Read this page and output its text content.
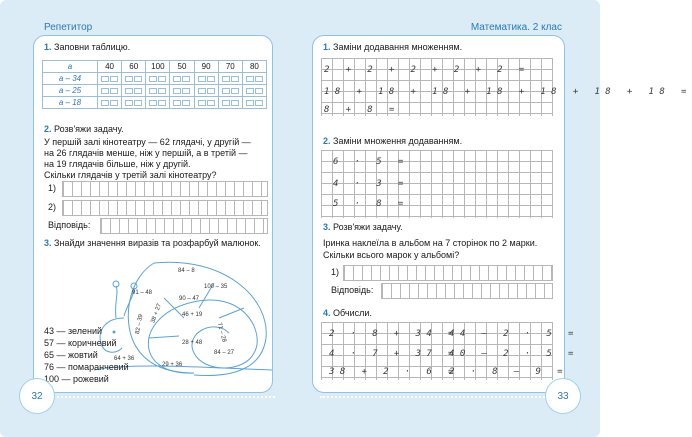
Репетитор	Математика. 2 клас
1. Заповни таблицю.
a	40	60	100	50	90	70	80
a – 34							
a – 25							
a – 18							
2. Розв'яжи задачу.
У першій залі кінотеатру — 62 глядачі, у другій —
на 26 глядачів менше, ніж у першій, а в третій —
на 19 глядачів більше, ніж у другій.
Скільки глядачів у третій залі кінотеатру?
1)
2)
Відповідь:
3. Знайди значення виразів та розфарбуй малюнок.
84 – 8
91 – 48
100 – 35
90 – 47
46 + 19
38 + 27
82 – 39
28 + 48 71 – 28
64 + 36
84 – 27
29 + 36
43 — зелений
57 — коричневий
65 — жовтий
76 — помаранчевий
100 — рожевий
1. Заміни додавання множенням.
2 + 2 + 2 + 2 + 2 =
18 + 18 + 18 + 18 + 18 + 18 + 18 =
8 + 8 =
2. Заміни множення додаванням.
6 · 5 =
4 · 3 =
5 · 8 =
3. Розв'яжи задачу.
Іринка наклеїла в альбом на 7 сторінок по 2 марки.
Скільки всього марок у альбомі?
1)
Відповідь:
4. Обчисли.
2 · 8 + 34 =
4 · 7 + 37 =
38 + 2 · 6 =
44 – 2 · 5 =
40 – 2 · 5 =
2 · 8 – 9 =
32	33
